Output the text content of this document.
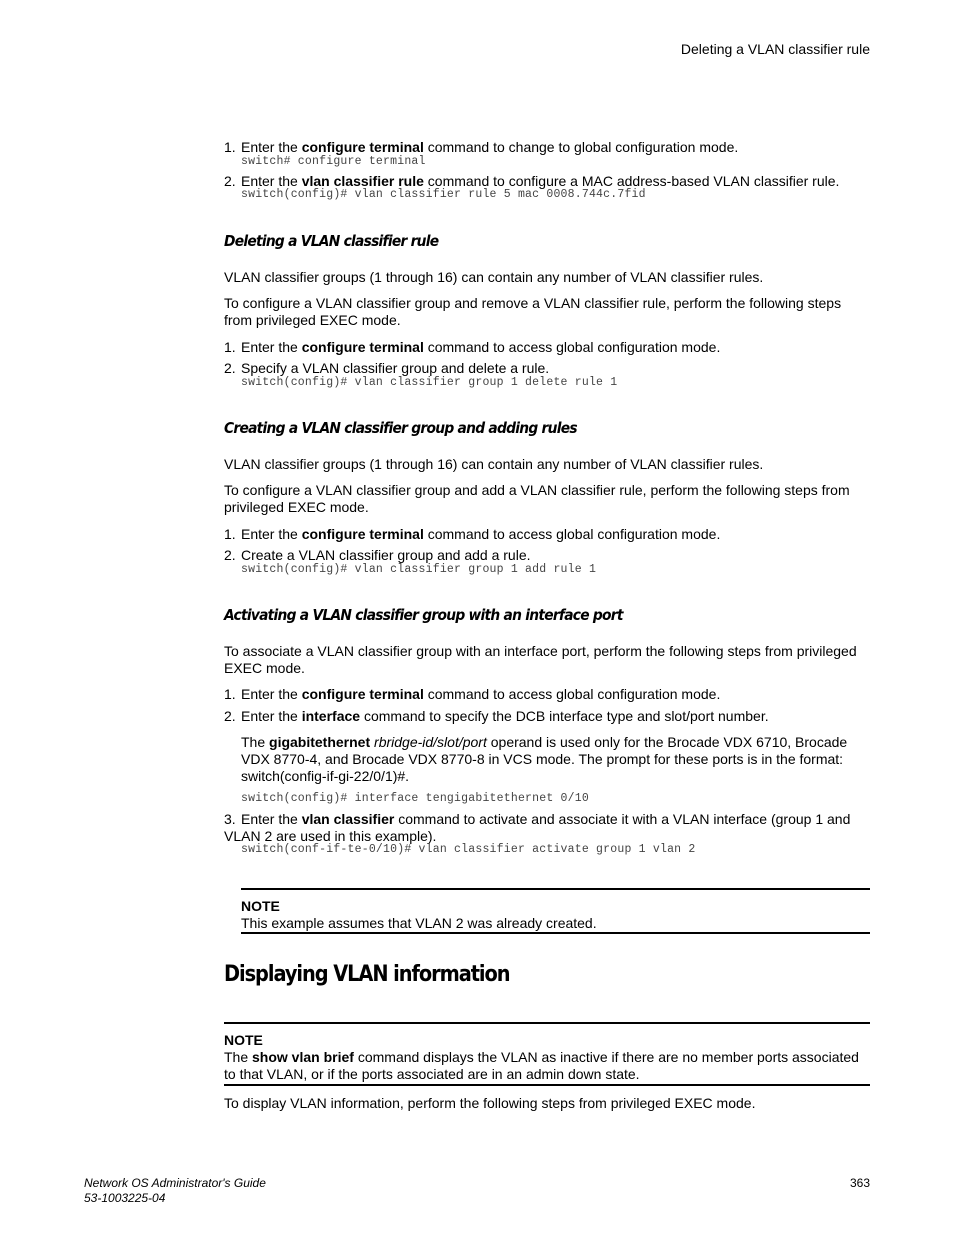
Deleting a VLAN classifier rule
1. Enter the configure terminal command to change to global configuration mode.
switch# configure terminal
2. Enter the vlan classifier rule command to configure a MAC address-based VLAN classifier rule.
switch(config)# vlan classifier rule 5 mac 0008.744c.7fid
Deleting a VLAN classifier rule
VLAN classifier groups (1 through 16) can contain any number of VLAN classifier rules.
To configure a VLAN classifier group and remove a VLAN classifier rule, perform the following steps from privileged EXEC mode.
1. Enter the configure terminal command to access global configuration mode.
2. Specify a VLAN classifier group and delete a rule.
switch(config)# vlan classifier group 1 delete rule 1
Creating a VLAN classifier group and adding rules
VLAN classifier groups (1 through 16) can contain any number of VLAN classifier rules.
To configure a VLAN classifier group and add a VLAN classifier rule, perform the following steps from privileged EXEC mode.
1. Enter the configure terminal command to access global configuration mode.
2. Create a VLAN classifier group and add a rule.
switch(config)# vlan classifier group 1 add rule 1
Activating a VLAN classifier group with an interface port
To associate a VLAN classifier group with an interface port, perform the following steps from privileged EXEC mode.
1. Enter the configure terminal command to access global configuration mode.
2. Enter the interface command to specify the DCB interface type and slot/port number.
The gigabitethernet rbridge-id/slot/port operand is used only for the Brocade VDX 6710, Brocade VDX 8770-4, and Brocade VDX 8770-8 in VCS mode. The prompt for these ports is in the format: switch(config-if-gi-22/0/1)#.
switch(config)# interface tengigabitethernet 0/10
3. Enter the vlan classifier command to activate and associate it with a VLAN interface (group 1 and VLAN 2 are used in this example).
switch(conf-if-te-0/10)# vlan classifier activate group 1 vlan 2
NOTE
This example assumes that VLAN 2 was already created.
Displaying VLAN information
NOTE
The show vlan brief command displays the VLAN as inactive if there are no member ports associated to that VLAN, or if the ports associated are in an admin down state.
To display VLAN information, perform the following steps from privileged EXEC mode.
Network OS Administrator's Guide
53-1003225-04
363
